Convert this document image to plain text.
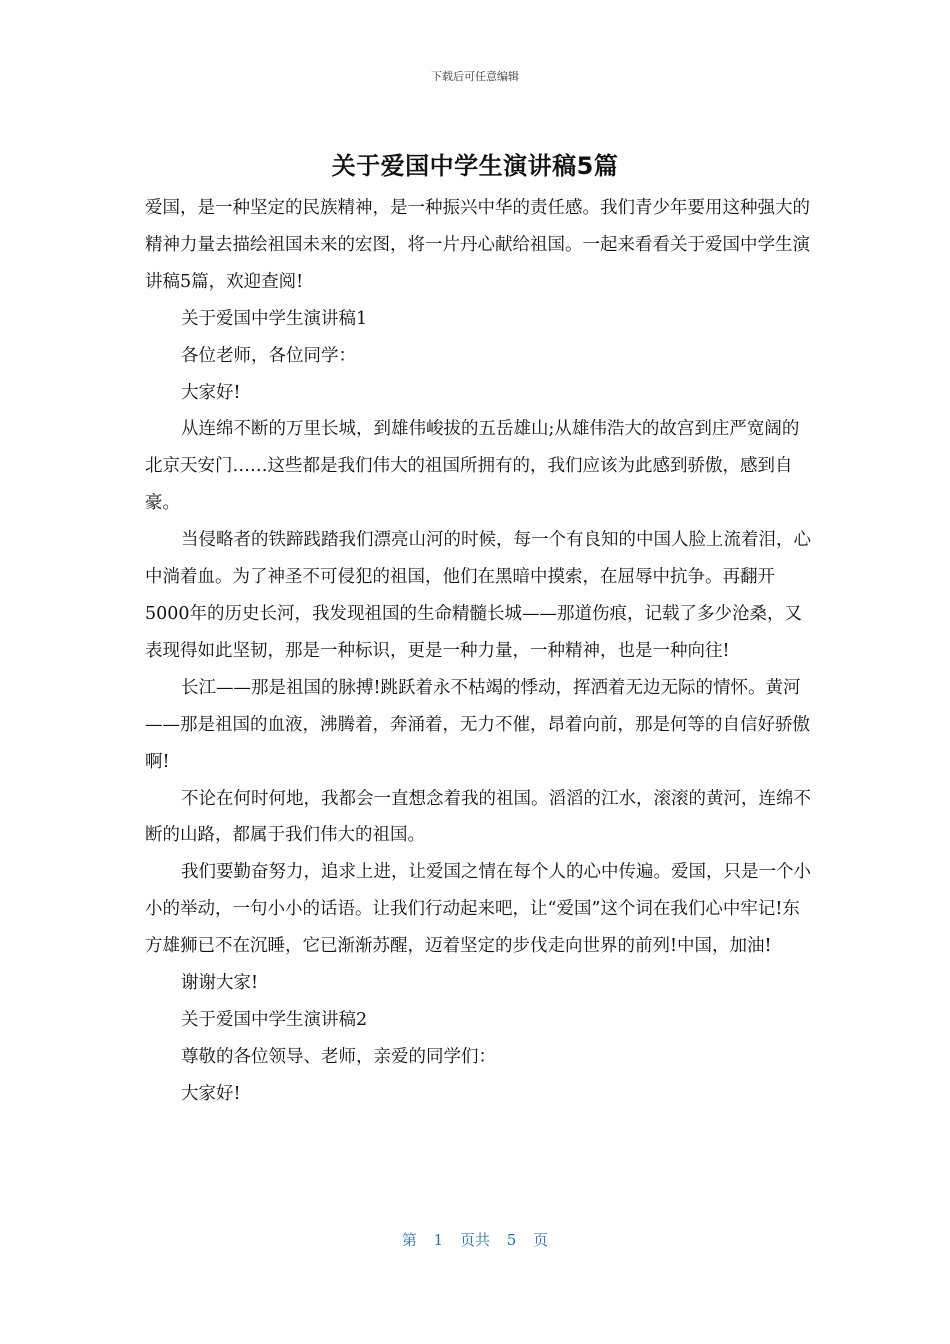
下载后可任意编辑
关于爱国中学生演讲稿5篇

爱国，是一种坚定的民族精神，是一种振兴中华的责任感。我们青少年要用这种强大的精神力量去描绘祖国未来的宏图，将一片丹心献给祖国。一起来看看关于爱国中学生演讲稿5篇，欢迎查阅!

关于爱国中学生演讲稿1

各位老师，各位同学：

大家好!

从连绵不断的万里长城，到雄伟峻拔的五岳雄山;从雄伟浩大的故宫到庄严宽阔的北京天安门……这些都是我们伟大的祖国所拥有的，我们应该为此感到骄傲，感到自豪。

当侵略者的铁蹄践踏我们漂亮山河的时候，每一个有良知的中国人脸上流着泪，心中淌着血。为了神圣不可侵犯的祖国，他们在黑暗中摸索，在屈辱中抗争。再翻开5000年的历史长河，我发现祖国的生命精髓长城——那道伤痕，记载了多少沧桑，又表现得如此坚韧，那是一种标识，更是一种力量，一种精神，也是一种向往!

长江——那是祖国的脉搏!跳跃着永不枯竭的悸动，挥洒着无边无际的情怀。黄河——那是祖国的血液，沸腾着，奔涌着，无力不催，昂着向前，那是何等的自信好骄傲啊!

不论在何时何地，我都会一直想念着我的祖国。滔滔的江水，滚滚的黄河，连绵不断的山路，都属于我们伟大的祖国。

我们要勤奋努力，追求上进，让爱国之情在每个人的心中传遍。爱国，只是一个小小的举动，一句小小的话语。让我们行动起来吧，让“爱国”这个词在我们心中牢记!东方雄狮已不在沉睡，它已渐渐苏醒，迈着坚定的步伐走向世界的前列!中国，加油!

谢谢大家!

关于爱国中学生演讲稿2

尊敬的各位领导、老师，亲爱的同学们：

大家好!

第 1 页共 5 页
